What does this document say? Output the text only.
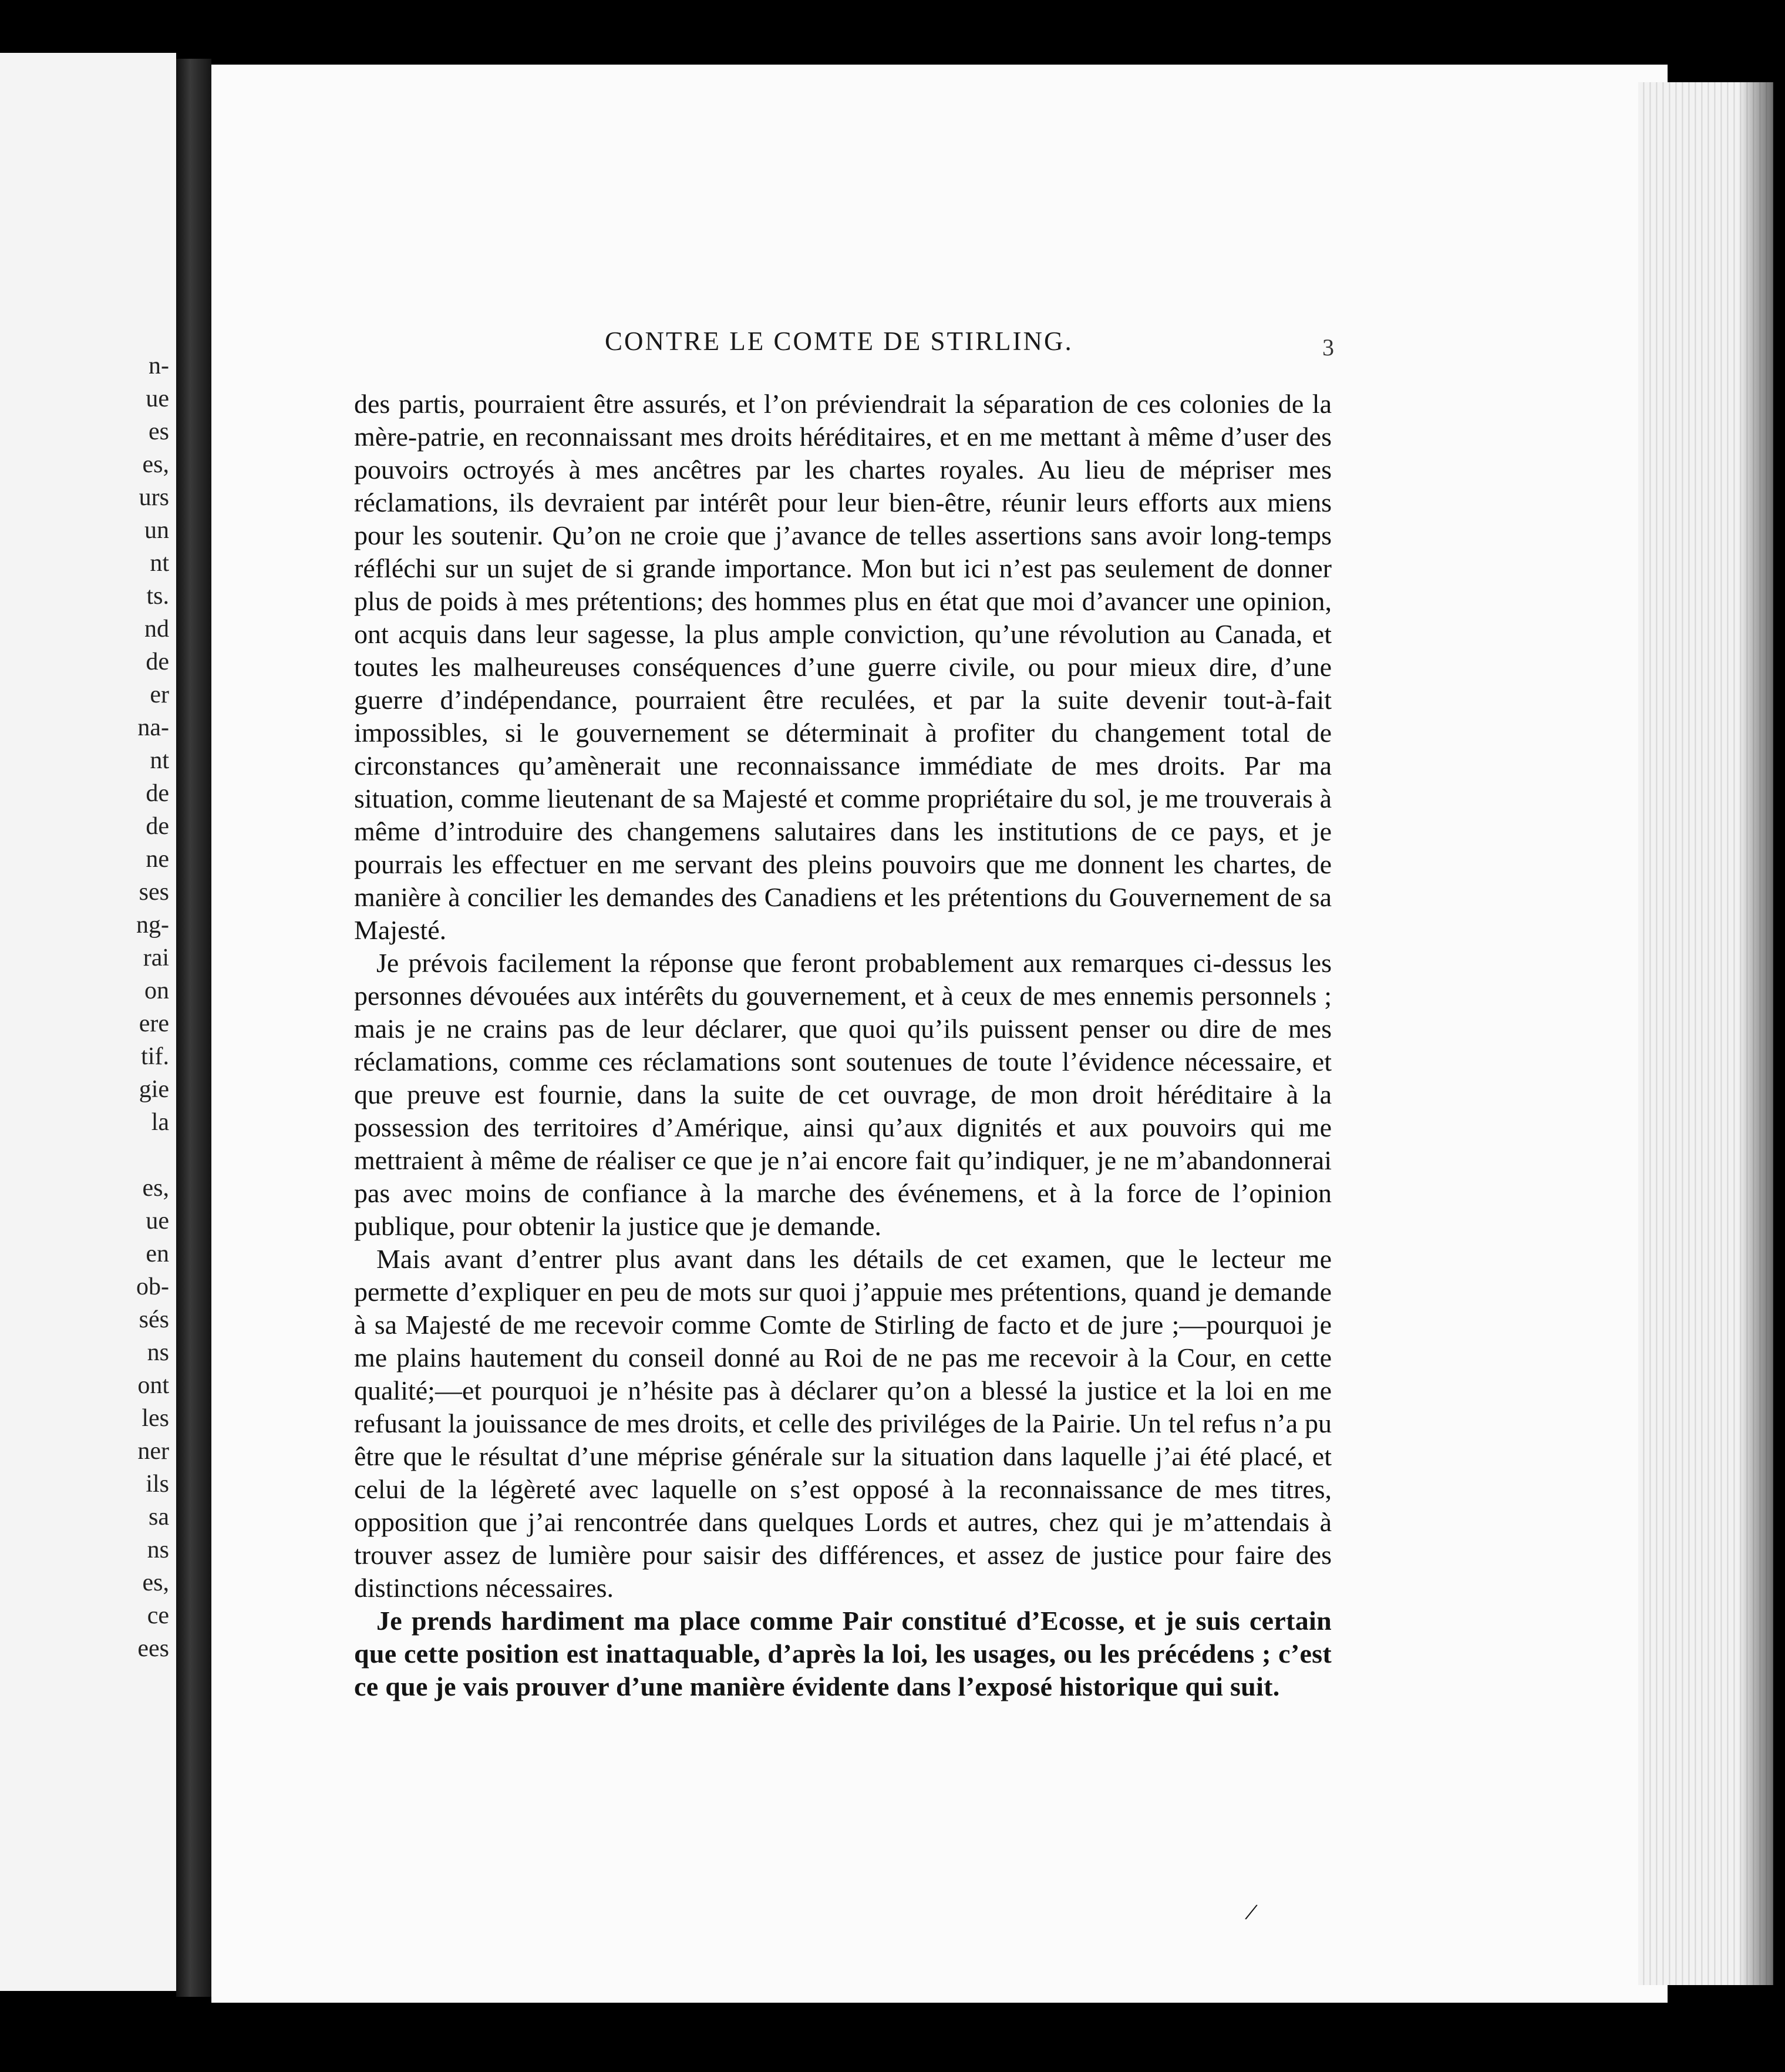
n-
ue
es
es,
urs
un
nt
ts.
nd
de
er
na-
nt
de
de
ne
ses
ng-
rai
on
ere
tif.
gie
la

es,
ue
en
ob-
sés
ns
ont
les
ner
ils
sa
ns
es,
ce
ees
CONTRE LE COMTE DE STIRLING.	3

des partis, pourraient être assurés, et l’on préviendrait la séparation de ces colonies de la mère-patrie, en reconnaissant mes droits héréditaires, et en me mettant à même d’user des pouvoirs octroyés à mes ancêtres par les chartes royales. Au lieu de mépriser mes réclamations, ils devraient par intérêt pour leur bien-être, réunir leurs efforts aux miens pour les soutenir. Qu’on ne croie que j’avance de telles assertions sans avoir long-temps réfléchi sur un sujet de si grande importance. Mon but ici n’est pas seulement de donner plus de poids à mes prétentions; des hommes plus en état que moi d’avancer une opinion, ont acquis dans leur sagesse, la plus ample conviction, qu’une révolution au Canada, et toutes les malheureuses conséquences d’une guerre civile, ou pour mieux dire, d’une guerre d’indépendance, pourraient être reculées, et par la suite devenir tout-à-fait impossibles, si le gouvernement se déterminait à profiter du changement total de circonstances qu’amènerait une reconnaissance immédiate de mes droits. Par ma situation, comme lieutenant de sa Majesté et comme propriétaire du sol, je me trouverais à même d’introduire des changemens salutaires dans les institutions de ce pays, et je pourrais les effectuer en me servant des pleins pouvoirs que me donnent les chartes, de manière à concilier les demandes des Canadiens et les prétentions du Gouvernement de sa Majesté.

Je prévois facilement la réponse que feront probablement aux remarques ci-dessus les personnes dévouées aux intérêts du gouvernement, et à ceux de mes ennemis personnels ; mais je ne crains pas de leur déclarer, que quoi qu’ils puissent penser ou dire de mes réclamations, comme ces réclamations sont soutenues de toute l’évidence nécessaire, et que preuve est fournie, dans la suite de cet ouvrage, de mon droit héréditaire à la possession des territoires d’Amérique, ainsi qu’aux dignités et aux pouvoirs qui me mettraient à même de réaliser ce que je n’ai encore fait qu’indiquer, je ne m’abandonnerai pas avec moins de confiance à la marche des événemens, et à la force de l’opinion publique, pour obtenir la justice que je demande.

Mais avant d’entrer plus avant dans les détails de cet examen, que le lecteur me permette d’expliquer en peu de mots sur quoi j’appuie mes prétentions, quand je demande à sa Majesté de me recevoir comme Comte de Stirling de facto et de jure ;—pourquoi je me plains hautement du conseil donné au Roi de ne pas me recevoir à la Cour, en cette qualité;—et pourquoi je n’hésite pas à déclarer qu’on a blessé la justice et la loi en me refusant la jouissance de mes droits, et celle des priviléges de la Pairie. Un tel refus n’a pu être que le résultat d’une méprise générale sur la situation dans laquelle j’ai été placé, et celui de la légèreté avec laquelle on s’est opposé à la reconnaissance de mes titres, opposition que j’ai rencontrée dans quelques Lords et autres, chez qui je m’attendais à trouver assez de lumière pour saisir des différences, et assez de justice pour faire des distinctions nécessaires.

Je prends hardiment ma place comme Pair constitué d’Ecosse, et je suis certain que cette position est inattaquable, d’après la loi, les usages, ou les précédens ; c’est ce que je vais prouver d’une manière évidente dans l’exposé historique qui suit.

/
